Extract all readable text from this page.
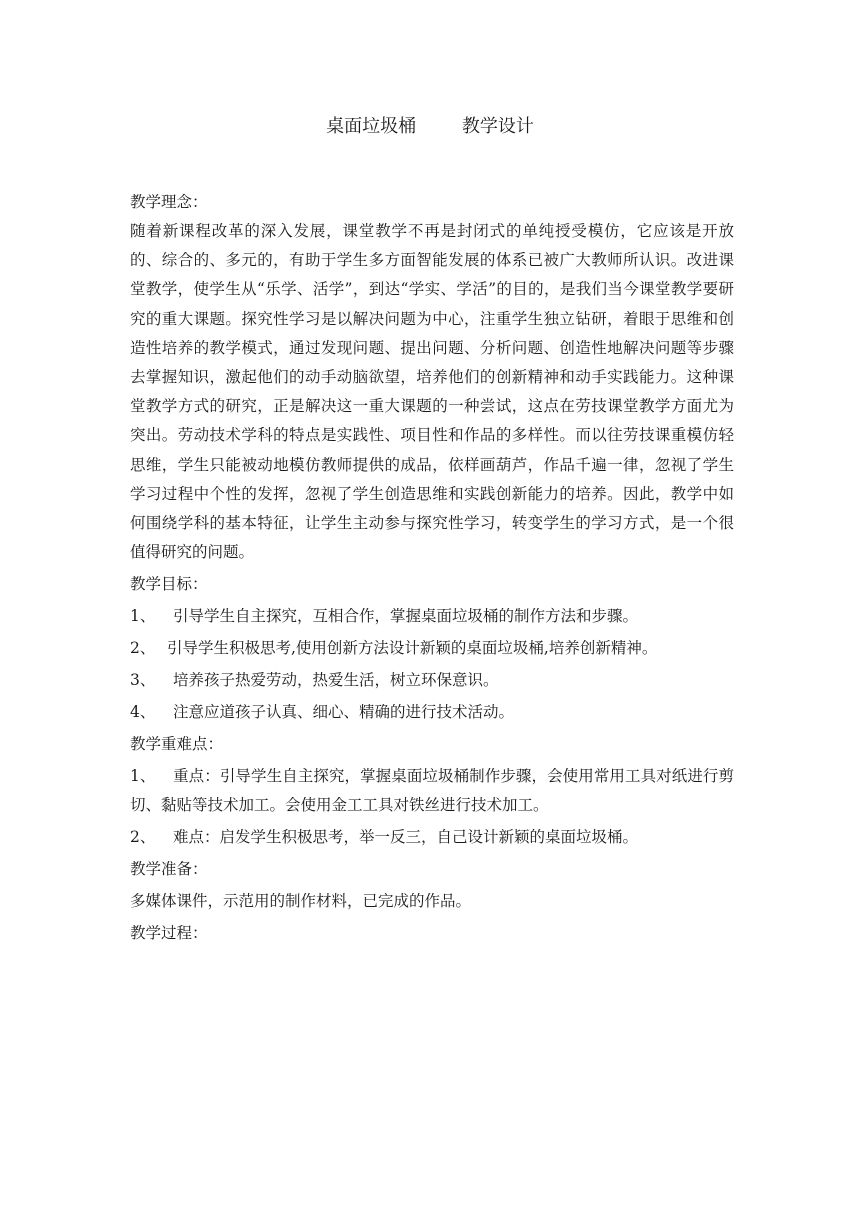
桌面垃圾桶        教学设计
教学理念：
随着新课程改革的深入发展，课堂教学不再是封闭式的单纯授受模仿，它应该是开放的、综合的、多元的，有助于学生多方面智能发展的体系已被广大教师所认识。改进课堂教学，使学生从“乐学、活学”，到达“学实、学活”的目的，是我们当今课堂教学要研究的重大课题。探究性学习是以解决问题为中心，注重学生独立钻研，着眼于思维和创造性培养的教学模式，通过发现问题、提出问题、分析问题、创造性地解决问题等步骤去掌握知识，激起他们的动手动脑欲望，培养他们的创新精神和动手实践能力。这种课堂教学方式的研究，正是解决这一重大课题的一种尝试，这点在劳技课堂教学方面尤为突出。劳动技术学科的特点是实践性、项目性和作品的多样性。而以往劳技课重模仿轻思维，学生只能被动地模仿教师提供的成品，依样画葫芦，作品千遍一律，忽视了学生学习过程中个性的发挥，忽视了学生创造思维和实践创新能力的培养。因此，教学中如何围绕学科的基本特征，让学生主动参与探究性学习，转变学生的学习方式，是一个很值得研究的问题。
教学目标：
1、 引导学生自主探究，互相合作，掌握桌面垃圾桶的制作方法和步骤。
2、 引导学生积极思考,使用创新方法设计新颖的桌面垃圾桶,培养创新精神。
3、 培养孩子热爱劳动，热爱生活，树立环保意识。
4、 注意应道孩子认真、细心、精确的进行技术活动。
教学重难点：
1、 重点：引导学生自主探究，掌握桌面垃圾桶制作步骤，会使用常用工具对纸进行剪切、黏贴等技术加工。会使用金工工具对铁丝进行技术加工。
2、 难点：启发学生积极思考，举一反三，自己设计新颖的桌面垃圾桶。
教学准备：
多媒体课件，示范用的制作材料，已完成的作品。
教学过程：
